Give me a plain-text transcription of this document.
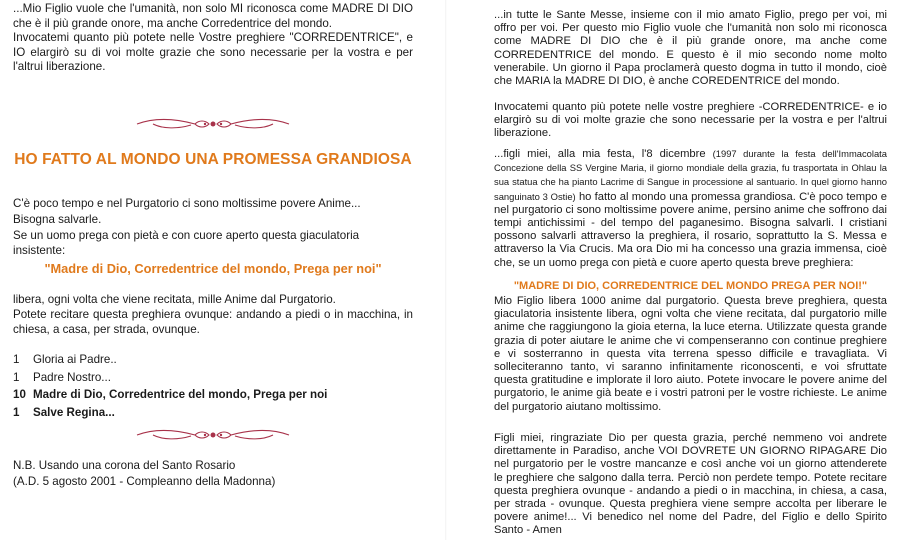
...Mio Figlio vuole che l'umanità, non solo MI riconosca come MADRE DI DIO che è il più grande onore, ma anche Corredentrice del mondo.

Invocatemi quanto più potete nelle Vostre preghiere "CORREDENTRICE", e IO elargirò su di voi molte grazie che sono necessarie per la vostra e per l'altrui liberazione.

HO FATTO AL MONDO UNA PROMESSA GRANDIOSA

C'è poco tempo e nel Purgatorio ci sono moltissime povere Anime...

Bisogna salvarle.

Se un uomo prega con pietà e con cuore aperto questa giaculatoria insistente:

"Madre di Dio, Corredentrice del mondo, Prega per noi"

libera, ogni volta che viene recitata, mille Anime dal Purgatorio.

Potete recitare questa preghiera ovunque: andando a piedi o in macchina, in chiesa, a casa, per strada, ovunque.

1	Gloria ai Padre..
1	Padre Nostro...
10 Madre di Dio, Corredentrice del mondo, Prega per noi
1	Salve Regina...

N.B. Usando una corona del Santo Rosario

(A.D. 5 agosto 2001 - Compleanno della Madonna)

...in tutte le Sante Messe, insieme con il mio amato Figlio, prego per voi, mi offro per voi. Per questo mio Figlio vuole che l'umanità non solo mi riconosca come MADRE DI DIO che è il più grande onore, ma anche come CORREDENTRICE del mondo. E questo è il mio secondo nome molto venerabile. Un giorno il Papa proclamerà questo dogma in tutto il mondo, cioè che MARIA la MADRE DI DIO, è anche COREDENTRICE del mondo.

Invocatemi quanto più potete nelle vostre preghiere -CORREDENTRICE- e io elargirò su di voi molte grazie che sono necessarie per la vostra e per l'altrui liberazione.

...figli miei, alla mia festa, l'8 dicembre (1997 durante la festa dell'Immacolata Concezione della SS Vergine Maria, il giorno mondiale della grazia, fu trasportata in Ohlau la sua statua che ha pianto Lacrime di Sangue in processione al santuario. In quel giorno hanno sanguinato 3 Ostie) ho fatto al mondo una promessa grandiosa. C'è poco tempo e nel purgatorio ci sono moltissime povere anime, persino anime che soffrono dai tempi antichissimi - del tempo del paganesimo. Bisogna salvarli. I cristiani possono salvarli attraverso la preghiera, il rosario, soprattutto la S. Messa e attraverso la Via Crucis. Ma ora Dio mi ha concesso una grazia immensa, cioè che, se un uomo prega con pietà e cuore aperto questa breve preghiera:

"MADRE DI DIO, CORREDENTRICE DEL MONDO PREGA PER NOI!"

Mio Figlio libera 1000 anime dal purgatorio. Questa breve preghiera, questa giaculatoria insistente libera, ogni volta che viene recitata, dal purgatorio mille anime che raggiungono la gioia eterna, la luce eterna. Utilizzate questa grande grazia di poter aiutare le anime che vi compenseranno con continue preghiere e vi sosterranno in questa vita terrena spesso difficile e travagliata. Vi solleciteranno tanto, vi saranno infinitamente riconoscenti, e voi sfruttate questa gratitudine e implorate il loro aiuto. Potete invocare le povere anime del purgatorio, le anime già beate e i vostri patroni per le vostre richieste. Le anime del purgatorio aiutano moltissimo.

Figli miei, ringraziate Dio per questa grazia, perché nemmeno voi andrete direttamente in Paradiso, anche VOI DOVRETE UN GIORNO RIPAGARE Dio nel purgatorio per le vostre mancanze e così anche voi un giorno attenderete le preghiere che salgono dalla terra. Perciò non perdete tempo. Potete recitare questa preghiera ovunque - andando a piedi o in macchina, in chiesa, a casa, per strada - ovunque. Questa preghiera viene sempre accolta per liberare le povere anime!... Vi benedico nel nome del Padre, del Figlio e dello Spirito Santo - Amen
